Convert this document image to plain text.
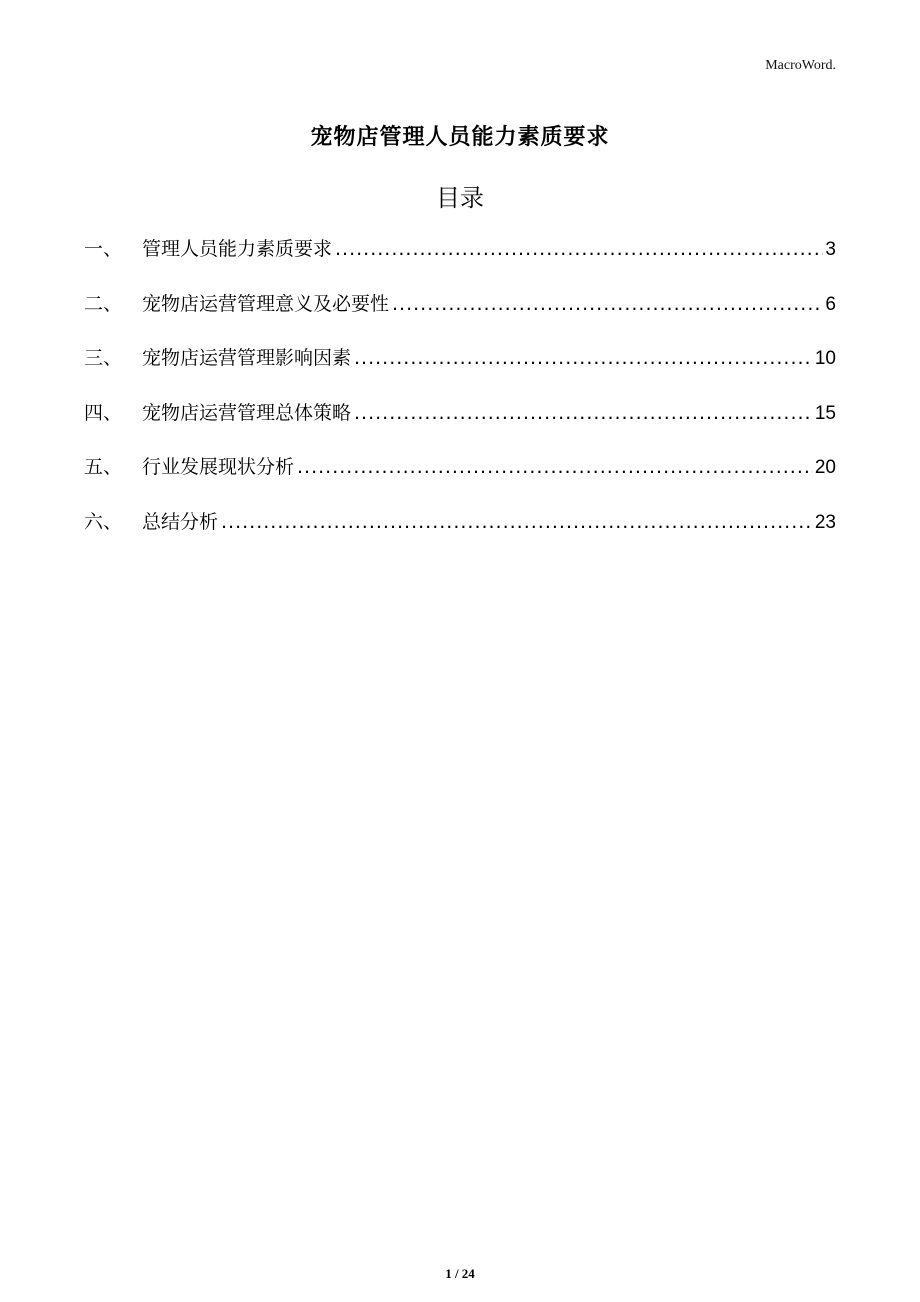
MacroWord.
宠物店管理人员能力素质要求
目录
一、	管理人员能力素质要求 .....	3
二、	宠物店运营管理意义及必要性 .....	6
三、	宠物店运营管理影响因素 .....	10
四、	宠物店运营管理总体策略 .....	15
五、	行业发展现状分析 .....	20
六、	总结分析 .....	23
1 / 24
